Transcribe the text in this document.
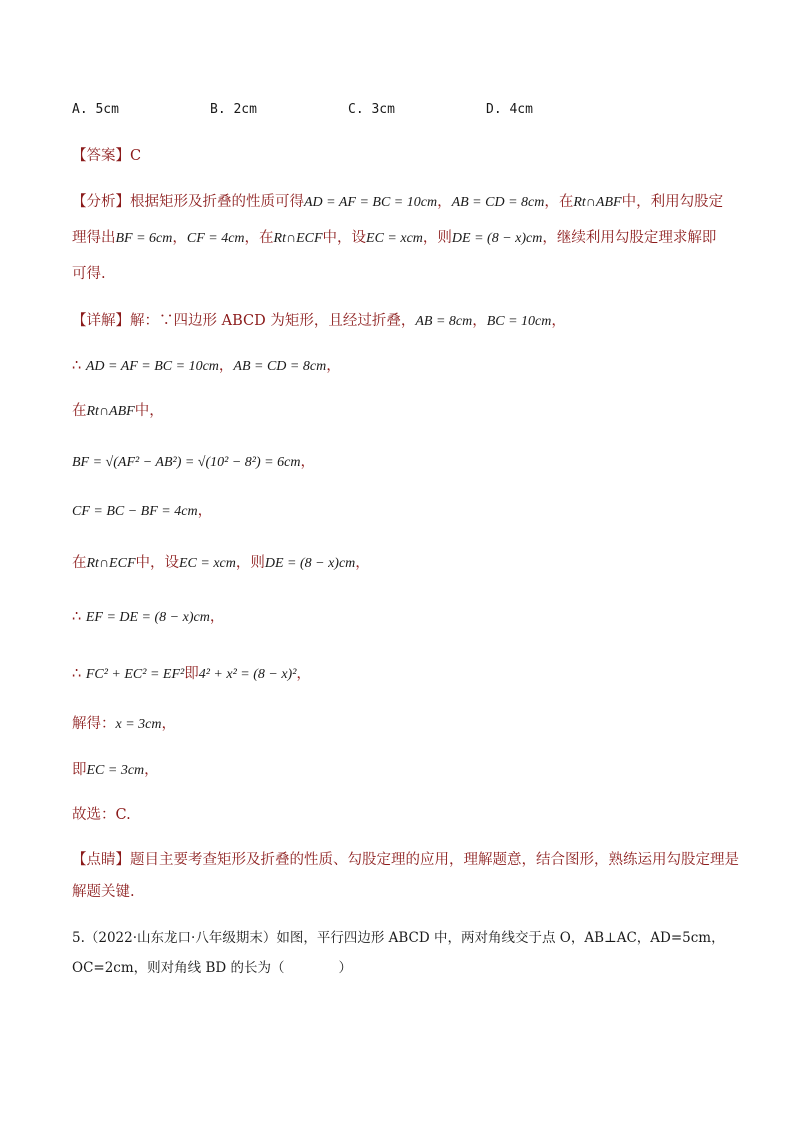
A. 5cm	B. 2cm	C. 3cm	D. 4cm
【答案】C
【分析】根据矩形及折叠的性质可得AD = AF = BC = 10cm，AB = CD = 8cm，在Rt∩ABF中，利用勾股定
理得出BF = 6cm，CF = 4cm，在Rt∩ECF中，设EC = xcm，则DE = (8 − x)cm，继续利用勾股定理求解即
可得.
【详解】解：∵四边形 ABCD 为矩形，且经过折叠，AB = 8cm，BC = 10cm，
∴ AD = AF = BC = 10cm，AB = CD = 8cm，
在Rt∩ABF中，
BF = √(AF² − AB²) = √(10² − 8²) = 6cm，
CF = BC − BF = 4cm，
在Rt∩ECF中，设EC = xcm，则DE = (8 − x)cm，
∴ EF = DE = (8 − x)cm，
∴ FC² + EC² = EF²即4² + x² = (8 − x)²，
解得：x = 3cm，
即EC = 3cm，
故选：C.
【点睛】题目主要考查矩形及折叠的性质、勾股定理的应用，理解题意，结合图形，熟练运用勾股定理是
解题关键.
5.（2022·山东龙口·八年级期末）如图，平行四边形 ABCD 中，两对角线交于点 O，AB⊥AC，AD=5cm，
OC=2cm，则对角线 BD 的长为（　　　　）
